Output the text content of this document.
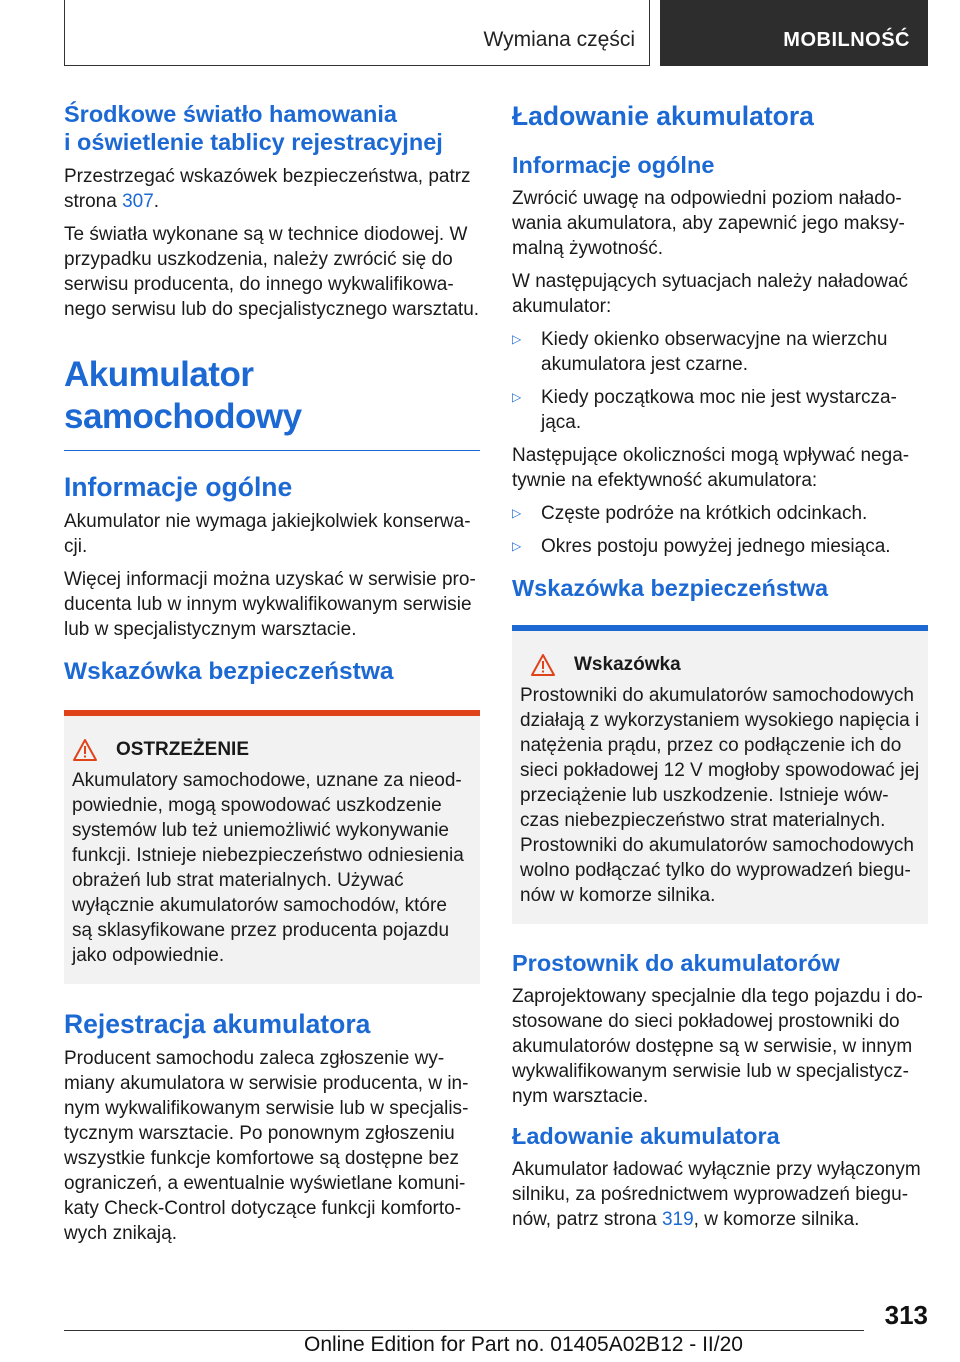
Wymiana części	MOBILNOŚĆ
Środkowe światło hamowania
i oświetlenie tablicy rejestracyjnej

Przestrzegać wskazówek bezpieczeństwa, patrz strona 307.

Te światła wykonane są w technice diodowej. W przypadku uszkodzenia, należy zwrócić się do serwisu producenta, do innego wykwalifikowanego serwisu lub do specjalistycznego warsztatu.

Akumulator samochodowy
Informacje ogólne

Akumulator nie wymaga jakiejkolwiek konserwacji.

Więcej informacji można uzyskać w serwisie producenta lub w innym wykwalifikowanym serwisie lub w specjalistycznym warsztacie.

Wskazówka bezpieczeństwa
OSTRZEŻENIE

Akumulatory samochodowe, uznane za nieodpowiednie, mogą spowodować uszkodzenie systemów lub też uniemożliwić wykonywanie funkcji. Istnieje niebezpieczeństwo odniesienia obrażeń lub strat materialnych. Używać wyłącznie akumulatorów samochodów, które są sklasyfikowane przez producenta pojazdu jako odpowiednie.

Rejestracja akumulatora

Producent samochodu zaleca zgłoszenie wymiany akumulatora w serwisie producenta, w innym wykwalifikowanym serwisie lub w specjalistycznym warsztacie. Po ponownym zgłoszeniu wszystkie funkcje komfortowe są dostępne bez ograniczeń, a ewentualnie wyświetlane komunikaty Check-Control dotyczące funkcji komfortowych znikają.

Ładowanie akumulatora
Informacje ogólne

Zwrócić uwagę na odpowiedni poziom naładowania akumulatora, aby zapewnić jego maksymalną żywotność.

W następujących sytuacjach należy naładować akumulator:

▷ Kiedy okienko obserwacyjne na wierzchu akumulatora jest czarne.
▷ Kiedy początkowa moc nie jest wystarczająca.

Następujące okoliczności mogą wpływać negatywnie na efektywność akumulatora:

▷ Częste podróże na krótkich odcinkach.
▷ Okres postoju powyżej jednego miesiąca.
Wskazówka bezpieczeństwa
Wskazówka

Prostowniki do akumulatorów samochodowych działają z wykorzystaniem wysokiego napięcia i natężenia prądu, przez co podłączenie ich do sieci pokładowej 12 V mogłoby spowodować jej przeciążenie lub uszkodzenie. Istnieje wówczas niebezpieczeństwo strat materialnych. Prostowniki do akumulatorów samochodowych wolno podłączać tylko do wyprowadzeń biegunów w komorze silnika.

Prostownik do akumulatorów

Zaprojektowany specjalnie dla tego pojazdu i dostosowane do sieci pokładowej prostowniki do akumulatorów dostępne są w serwisie, w innym wykwalifikowanym serwisie lub w specjalistycznym warsztacie.

Ładowanie akumulatora

Akumulator ładować wyłącznie przy wyłączonym silniku, za pośrednictwem wyprowadzeń biegunów, patrz strona 319, w komorze silnika.

313
Online Edition for Part no. 01405A02B12 - II/20
